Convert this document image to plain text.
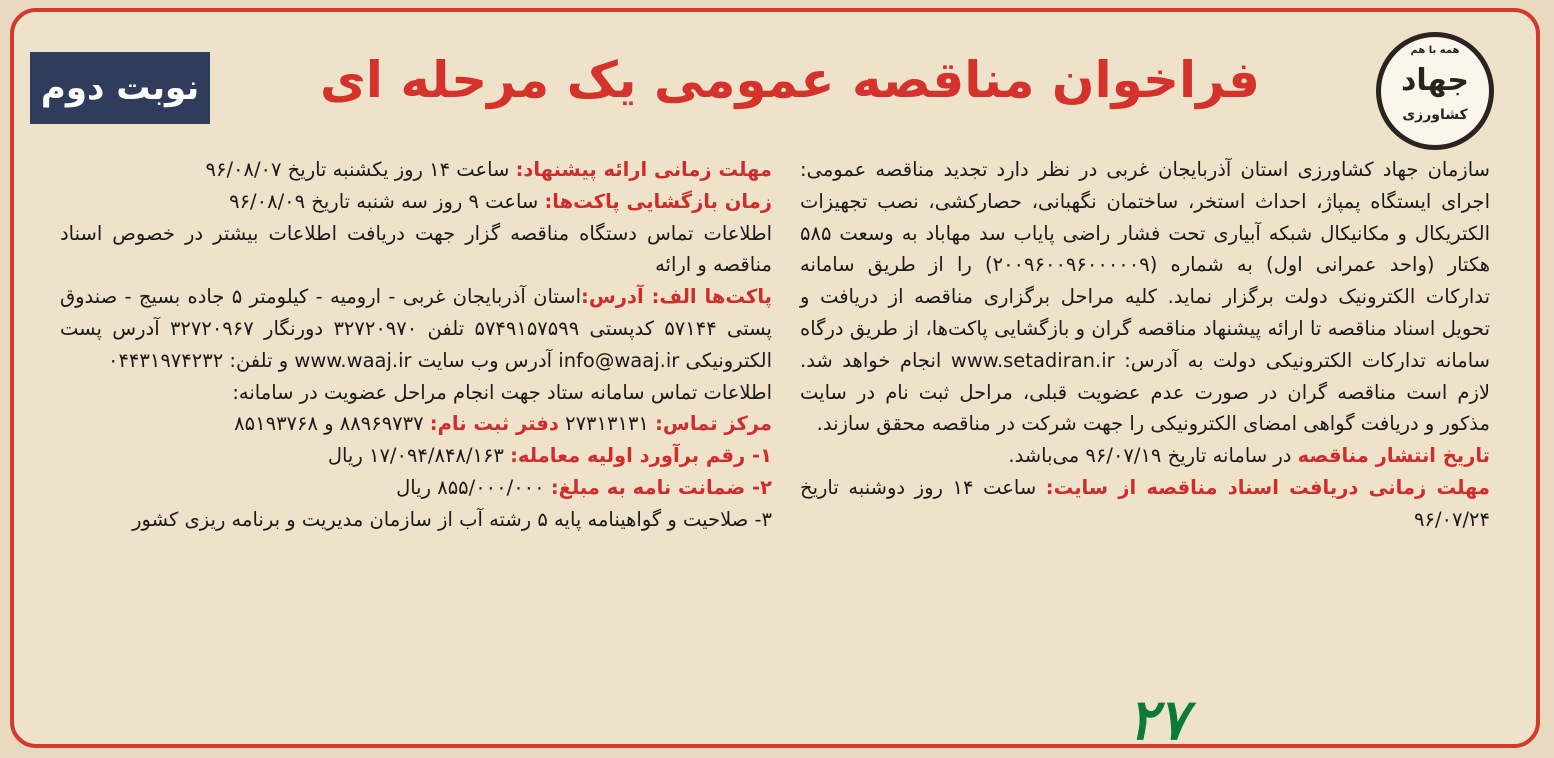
همه با هم
جهاد
کشاورزی
فراخوان مناقصه عمومی یک مرحله ای
نوبت دوم

سازمان جهاد کشاورزی استان آذربایجان غربی در نظر دارد تجدید مناقصه عمومی: اجرای ایستگاه پمپاژ، احداث استخر، ساختمان نگهبانی، حصارکشی، نصب تجهیزات الکتریکال و مکانیکال شبکه آبیاری تحت فشار راضی پایاب سد مهاباد به وسعت ۵۸۵ هکتار (واحد عمرانی اول) به شماره (۲۰۰۹۶۰۰۹۶۰۰۰۰۰۹) را از طریق سامانه تدارکات الکترونیک دولت برگزار نماید. کلیه مراحل برگزاری مناقصه از دریافت و تحویل اسناد مناقصه تا ارائه پیشنهاد مناقصه گران و بازگشایی پاکت‌ها، از طریق درگاه سامانه تدارکات الکترونیکی دولت به آدرس: www.setadiran.ir انجام خواهد شد. لازم است مناقصه گران در صورت عدم عضویت قبلی، مراحل ثبت نام در سایت مذکور و دریافت گواهی امضای الکترونیکی را جهت شرکت در مناقصه محقق سازند.

تاریخ انتشار مناقصه در سامانه تاریخ ۹۶/۰۷/۱۹ می‌باشد.

مهلت زمانی دریافت اسناد مناقصه از سایت: ساعت ۱۴ روز دوشنبه تاریخ ۹۶/۰۷/۲۴

مهلت زمانی ارائه پیشنهاد: ساعت ۱۴ روز یکشنبه تاریخ ۹۶/۰۸/۰۷

زمان بازگشایی پاکت‌ها: ساعت ۹ روز سه شنبه تاریخ ۹۶/۰۸/۰۹

اطلاعات تماس دستگاه مناقصه گزار جهت دریافت اطلاعات بیشتر در خصوص اسناد مناقصه و ارائه

پاکت‌ها الف: آدرس:استان آذربایجان غربی - ارومیه - کیلومتر ۵ جاده بسیج - صندوق پستی ۵۷۱۴۴ کدپستی ۵۷۴۹۱۵۷۵۹۹ تلفن ۳۲۷۲۰۹۷۰ دورنگار ۳۲۷۲۰۹۶۷ آدرس پست الکترونیکی info@waaj.ir آدرس وب سایت www.waaj.ir و تلفن: ۰۴۴۳۱۹۷۴۲۳۲

اطلاعات تماس سامانه ستاد جهت انجام مراحل عضویت در سامانه:

مرکز تماس: ۲۷۳۱۳۱۳۱ دفتر ثبت نام: ۸۸۹۶۹۷۳۷ و ۸۵۱۹۳۷۶۸

۱- رقم برآورد اولیه معامله: ۱۷/۰۹۴/۸۴۸/۱۶۳ ریال

۲- ضمانت نامه به مبلغ: ۸۵۵/۰۰۰/۰۰۰ ریال

۳- صلاحیت و گواهینامه پایه ۵ رشته آب از سازمان مدیریت و برنامه ریزی کشور

۲۷
